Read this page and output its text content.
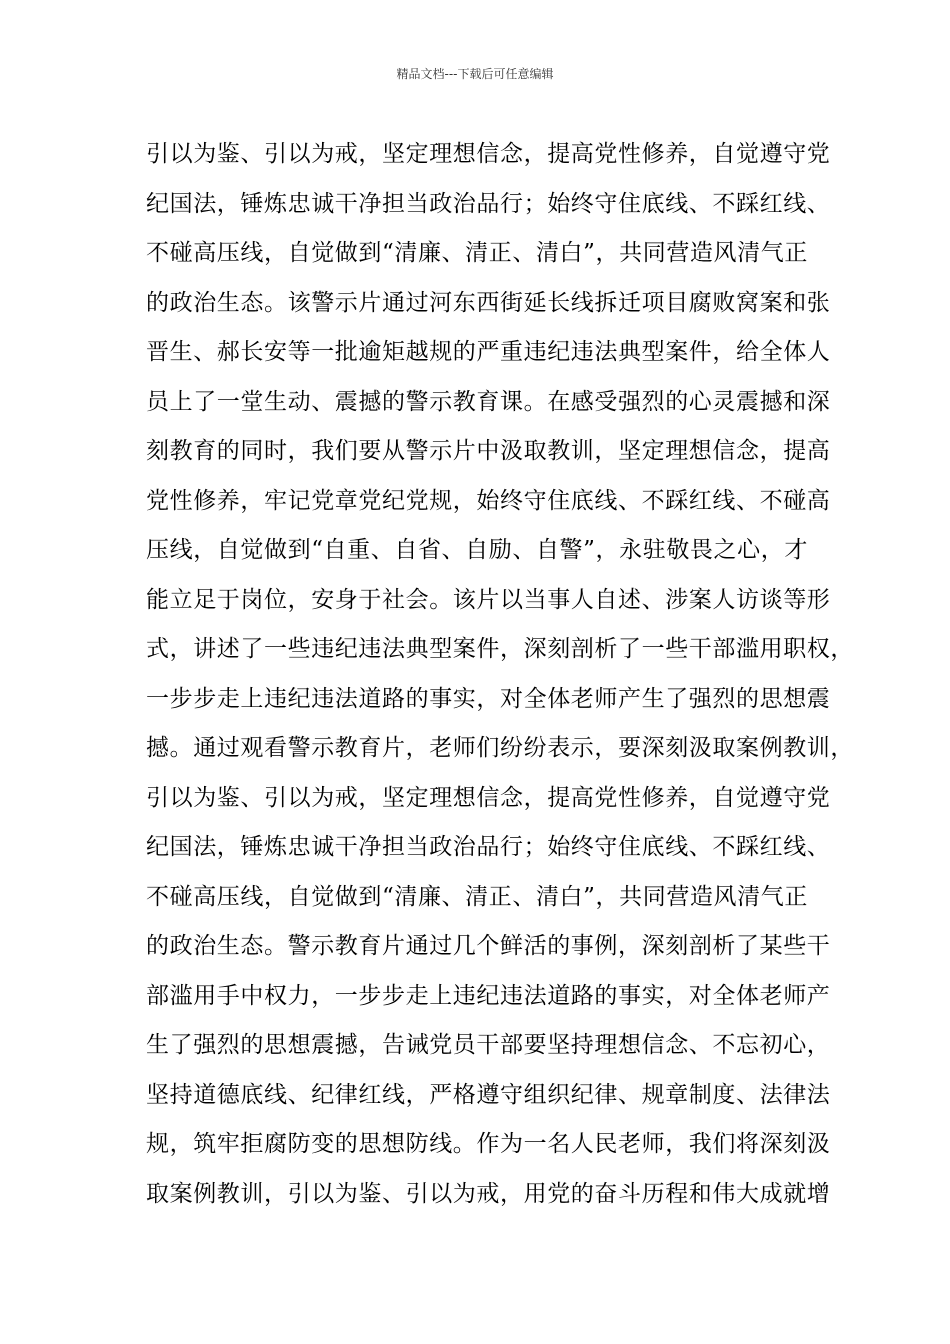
精品文档---下载后可任意编辑
引以为鉴、引以为戒，坚定理想信念，提高党性修养，自觉遵守党
纪国法，锤炼忠诚干净担当政治品行；始终守住底线、不踩红线、
不碰高压线，自觉做到“清廉、清正、清白”，共同营造风清气正
的政治生态。该警示片通过河东西街延长线拆迁项目腐败窝案和张
晋生、郝长安等一批逾矩越规的严重违纪违法典型案件，给全体人
员上了一堂生动、震撼的警示教育课。在感受强烈的心灵震撼和深
刻教育的同时，我们要从警示片中汲取教训，坚定理想信念，提高
党性修养，牢记党章党纪党规，始终守住底线、不踩红线、不碰高
压线，自觉做到“自重、自省、自励、自警”，永驻敬畏之心，才
能立足于岗位，安身于社会。该片以当事人自述、涉案人访谈等形
式，讲述了一些违纪违法典型案件，深刻剖析了一些干部滥用职权，
一步步走上违纪违法道路的事实，对全体老师产生了强烈的思想震
撼。通过观看警示教育片，老师们纷纷表示，要深刻汲取案例教训，
引以为鉴、引以为戒，坚定理想信念，提高党性修养，自觉遵守党
纪国法，锤炼忠诚干净担当政治品行；始终守住底线、不踩红线、
不碰高压线，自觉做到“清廉、清正、清白”，共同营造风清气正
的政治生态。警示教育片通过几个鲜活的事例，深刻剖析了某些干
部滥用手中权力，一步步走上违纪违法道路的事实，对全体老师产
生了强烈的思想震撼，告诫党员干部要坚持理想信念、不忘初心，
坚持道德底线、纪律红线，严格遵守组织纪律、规章制度、法律法
规，筑牢拒腐防变的思想防线。作为一名人民老师，我们将深刻汲
取案例教训，引以为鉴、引以为戒，用党的奋斗历程和伟大成就增
